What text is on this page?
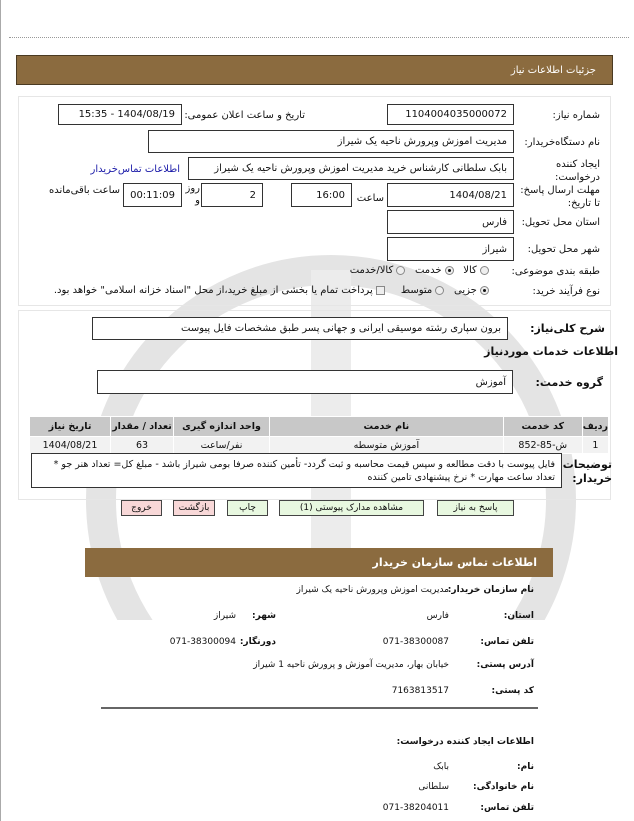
جزئیات اطلاعات نیاز
شماره نیاز:
1104004035000072
تاریخ و ساعت اعلان عمومی:
1404/08/19 - 15:35
نام دستگاه‌خریدار:
مدیریت اموزش وپرورش ناحیه یک شیراز
ایجاد کننده درخواست:
بابک سلطانی کارشناس خرید مدیریت اموزش وپرورش ناحیه یک شیراز
اطلاعات تماس‌خریدار
مهلت ارسال پاسخ: تا تاریخ:
1404/08/21
ساعت
16:00
2
روز و
00:11:09
ساعت باقی‌مانده
استان محل تحویل:
فارس
شهر محل تحویل:
شیراز
طبقه بندی موضوعی:
کالا    خدمت    کالا/خدمت
نوع فرآیند خرید:
جزیی    متوسط      پرداخت تمام یا بخشی از مبلغ خرید،از محل "اسناد خزانه اسلامی" خواهد بود.
شرح کلی‌نیاز:
برون سپاری رشته موسیقی ایرانی و جهانی پسر طبق مشخصات فایل پیوست
اطلاعات خدمات موردنیاز
گروه خدمت:
آموزش
ردیف	کد خدمت	نام خدمت	واحد اندازه گیری	تعداد / مقدار	تاریخ نیاز
1	ش-85-852	آموزش متوسطه	نفر/ساعت	63	1404/08/21
توضیحات خریدار:
فایل پیوست با دقت مطالعه و سپس قیمت محاسبه و ثبت گردد- تأمین کننده صرفا بومی شیراز باشد - مبلغ کل= تعداد هنر جو * تعداد ساعت مهارت * نرخ پیشنهادی تامین کننده
پاسخ به نیاز
مشاهده مدارک پیوستی (1)
چاپ
بازگشت
خروج
اطلاعات تماس سازمان خریدار
نام سازمان خریدار:
مدیریت اموزش وپرورش ناحیه یک شیراز
استان:
فارس
شهر:
شیراز
تلفن تماس:
071-38300087
دورنگار:
071-38300094
آدرس پستی:
خیابان بهار، مدیریت آموزش و پرورش ناحیه 1 شیراز
کد پستی:
7163813517
اطلاعات ایجاد کننده درخواست:
نام:
بابک
نام خانوادگی:
سلطانی
تلفن تماس:
071-38204011
